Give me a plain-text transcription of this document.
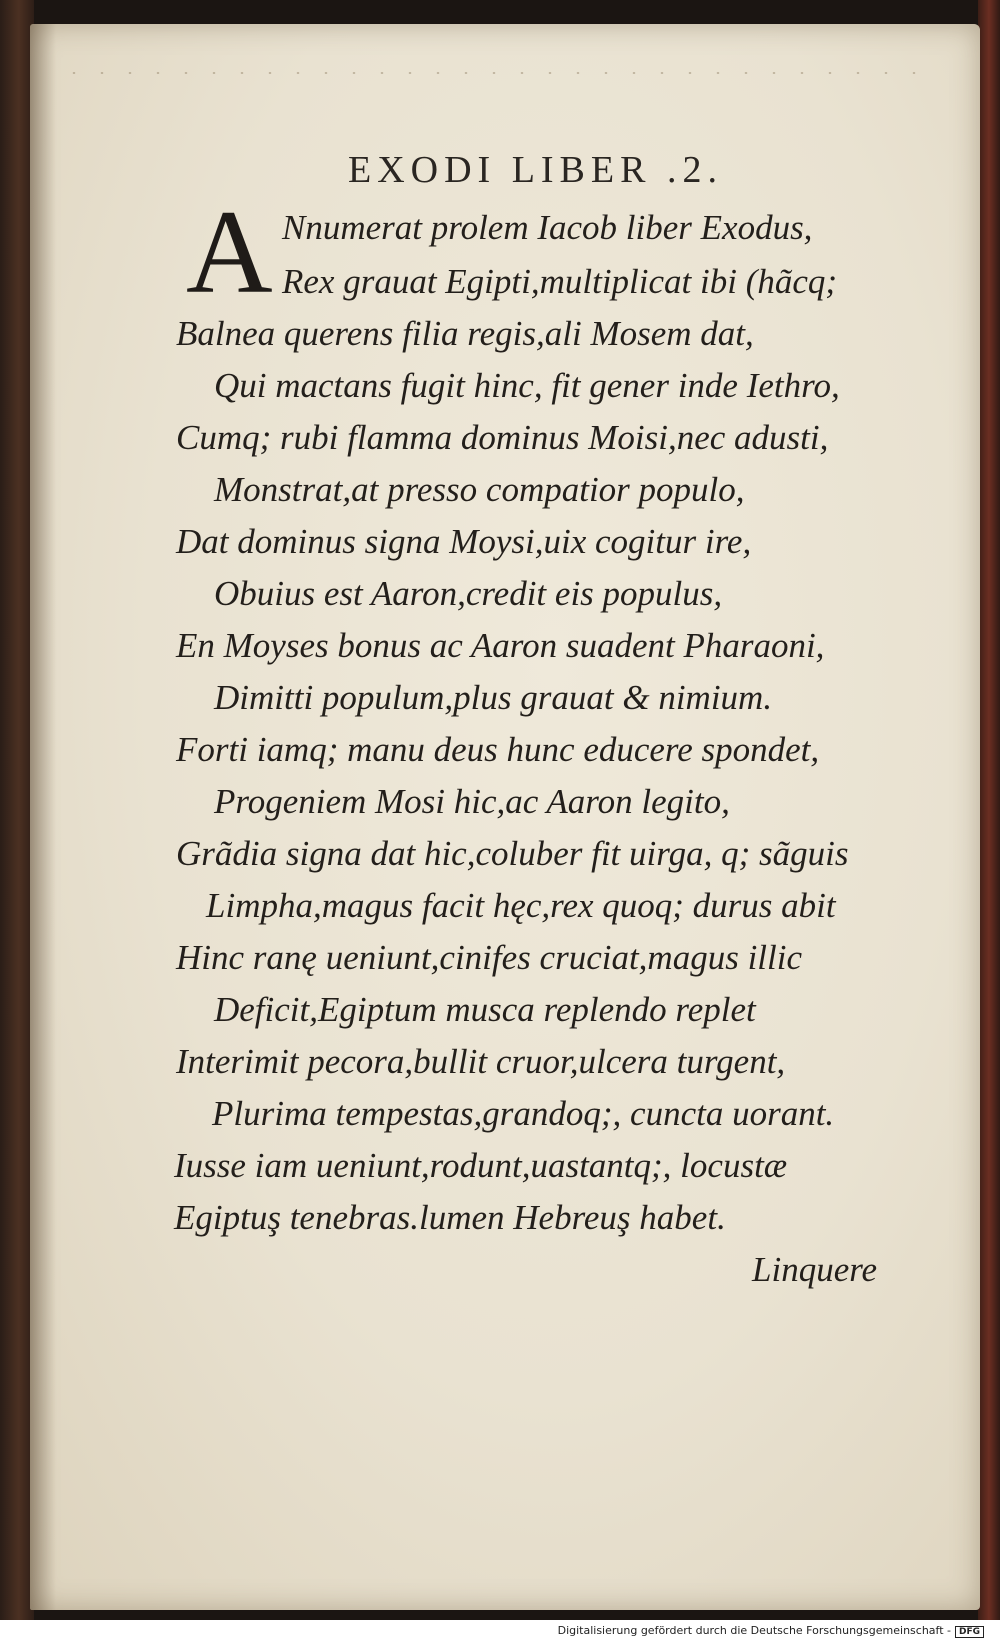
EXODI LIBER .2.
A Nnumerat prolem Iacob liber Exodus,
Rex grauat Egipti,multiplicat ibi (hãcq;
Balnea querens filia regis,ali Mosem dat,
Qui mactans fugit hinc, fit gener inde Iethro,
Cumq; rubi flamma dominus Moisi,nec adusti,
Monstrat,at presso compatior populo,
Dat dominus signa Moysi,uix cogitur ire,
Obuius est Aaron,credit eis populus,
En Moyses bonus ac Aaron suadent Pharaoni,
Dimitti populum,plus grauat & nimium.
Forti iamq; manu deus hunc educere spondet,
Progeniem Mosi hic,ac Aaron legito,
Grãdia signa dat hic,coluber fit uirga, q; sãguis
Limpha,magus facit hęc,rex quoq; durus abit
Hinc ranę ueniunt,cinifes cruciat,magus illic
Deficit,Egiptum musca replendo replet
Interimit pecora,bullit cruor,ulcera turgent,
Plurima tempestas,grandoq;, cuncta uorant.
Iusse iam ueniunt,rodunt,uastantq;, locustæ
Egiptuş tenebras.lumen Hebreuş habet.
Linquere
Digitalisierung gefördert durch die Deutsche Forschungsgemeinschaft - DFG
